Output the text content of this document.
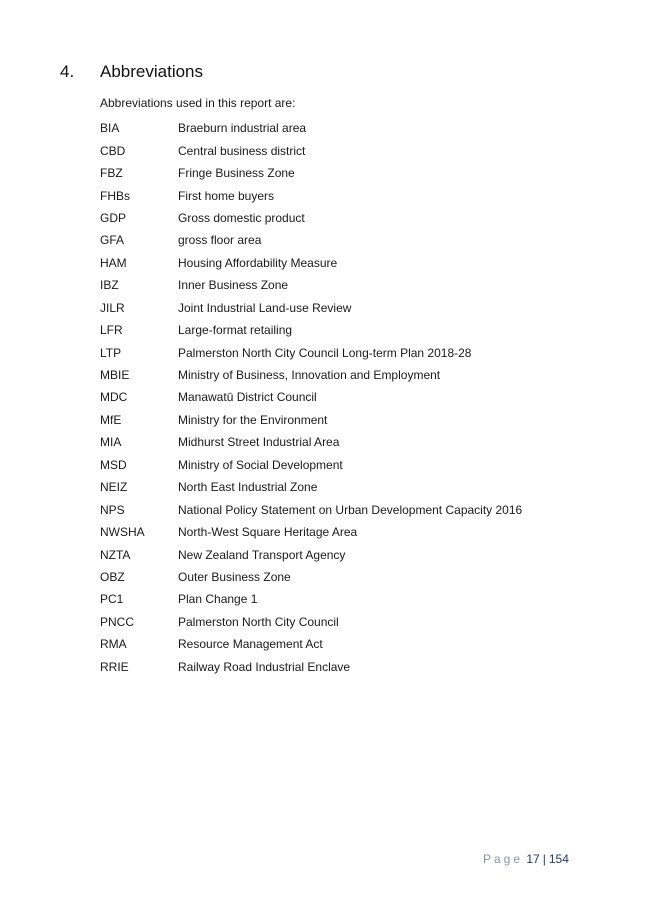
4. Abbreviations
Abbreviations used in this report are:
BIA	Braeburn industrial area
CBD	Central business district
FBZ	Fringe Business Zone
FHBs	First home buyers
GDP	Gross domestic product
GFA	gross floor area
HAM	Housing Affordability Measure
IBZ	Inner Business Zone
JILR	Joint Industrial Land-use Review
LFR	Large-format retailing
LTP	Palmerston North City Council Long-term Plan 2018-28
MBIE	Ministry of Business, Innovation and Employment
MDC	Manawatū District Council
MfE	Ministry for the Environment
MIA	Midhurst Street Industrial Area
MSD	Ministry of Social Development
NEIZ	North East Industrial Zone
NPS	National Policy Statement on Urban Development Capacity 2016
NWSHA	North-West Square Heritage Area
NZTA	New Zealand Transport Agency
OBZ	Outer Business Zone
PC1	Plan Change 1
PNCC	Palmerston North City Council
RMA	Resource Management Act
RRIE	Railway Road Industrial Enclave
Page 17 | 154
